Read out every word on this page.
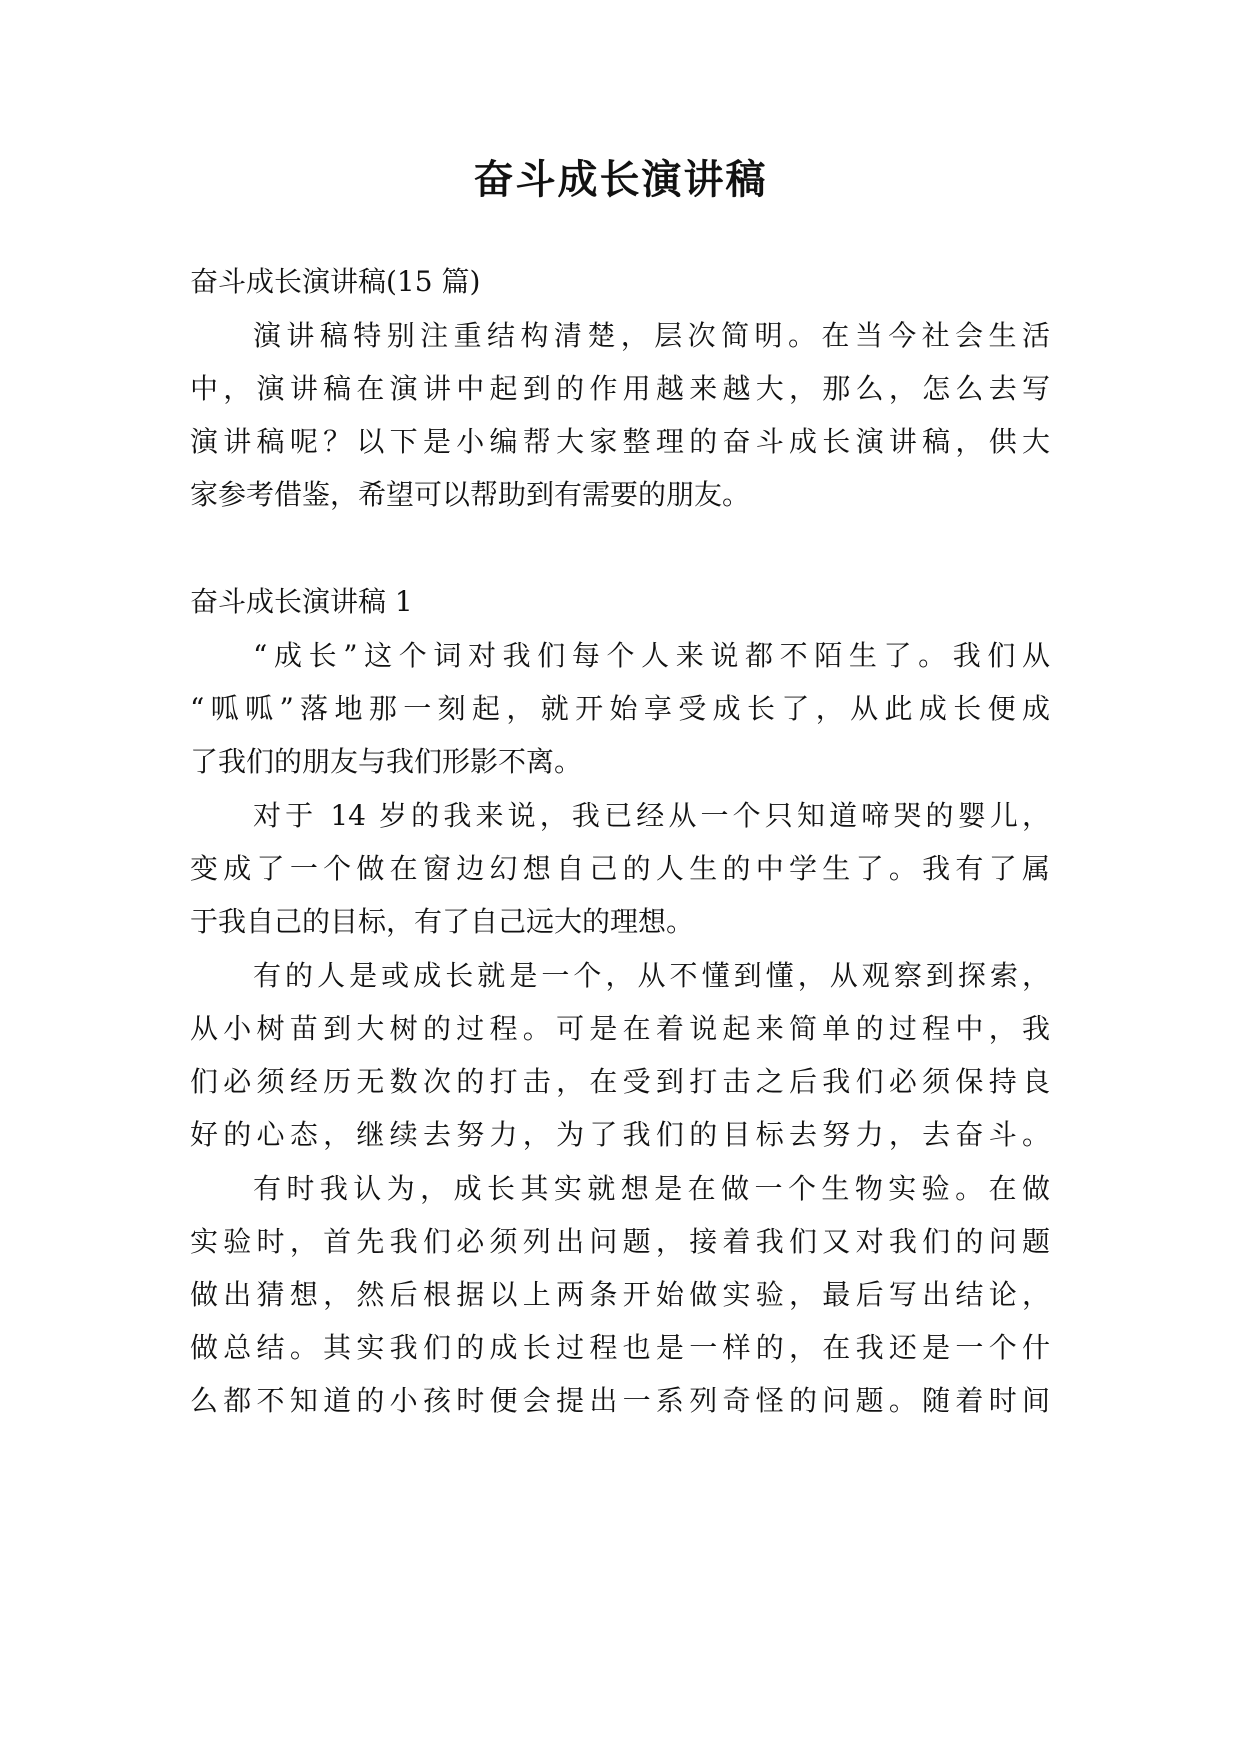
奋斗成长演讲稿

奋斗成长演讲稿(15 篇)

演讲稿特别注重结构清楚，层次简明。在当今社会生活

中，演讲稿在演讲中起到的作用越来越大，那么，怎么去写

演讲稿呢？以下是小编帮大家整理的奋斗成长演讲稿，供大

家参考借鉴，希望可以帮助到有需要的朋友。

奋斗成长演讲稿 1

“成长”这个词对我们每个人来说都不陌生了。我们从

“呱呱”落地那一刻起，就开始享受成长了，从此成长便成

了我们的朋友与我们形影不离。

对于 14 岁的我来说，我已经从一个只知道啼哭的婴儿，

变成了一个做在窗边幻想自己的人生的中学生了。我有了属

于我自己的目标，有了自己远大的理想。

有的人是或成长就是一个，从不懂到懂，从观察到探索，

从小树苗到大树的过程。可是在着说起来简单的过程中，我

们必须经历无数次的打击，在受到打击之后我们必须保持良

好的心态，继续去努力，为了我们的目标去努力，去奋斗。

有时我认为，成长其实就想是在做一个生物实验。在做

实验时，首先我们必须列出问题，接着我们又对我们的问题

做出猜想，然后根据以上两条开始做实验，最后写出结论，

做总结。其实我们的成长过程也是一样的，在我还是一个什

么都不知道的小孩时便会提出一系列奇怪的问题。随着时间
